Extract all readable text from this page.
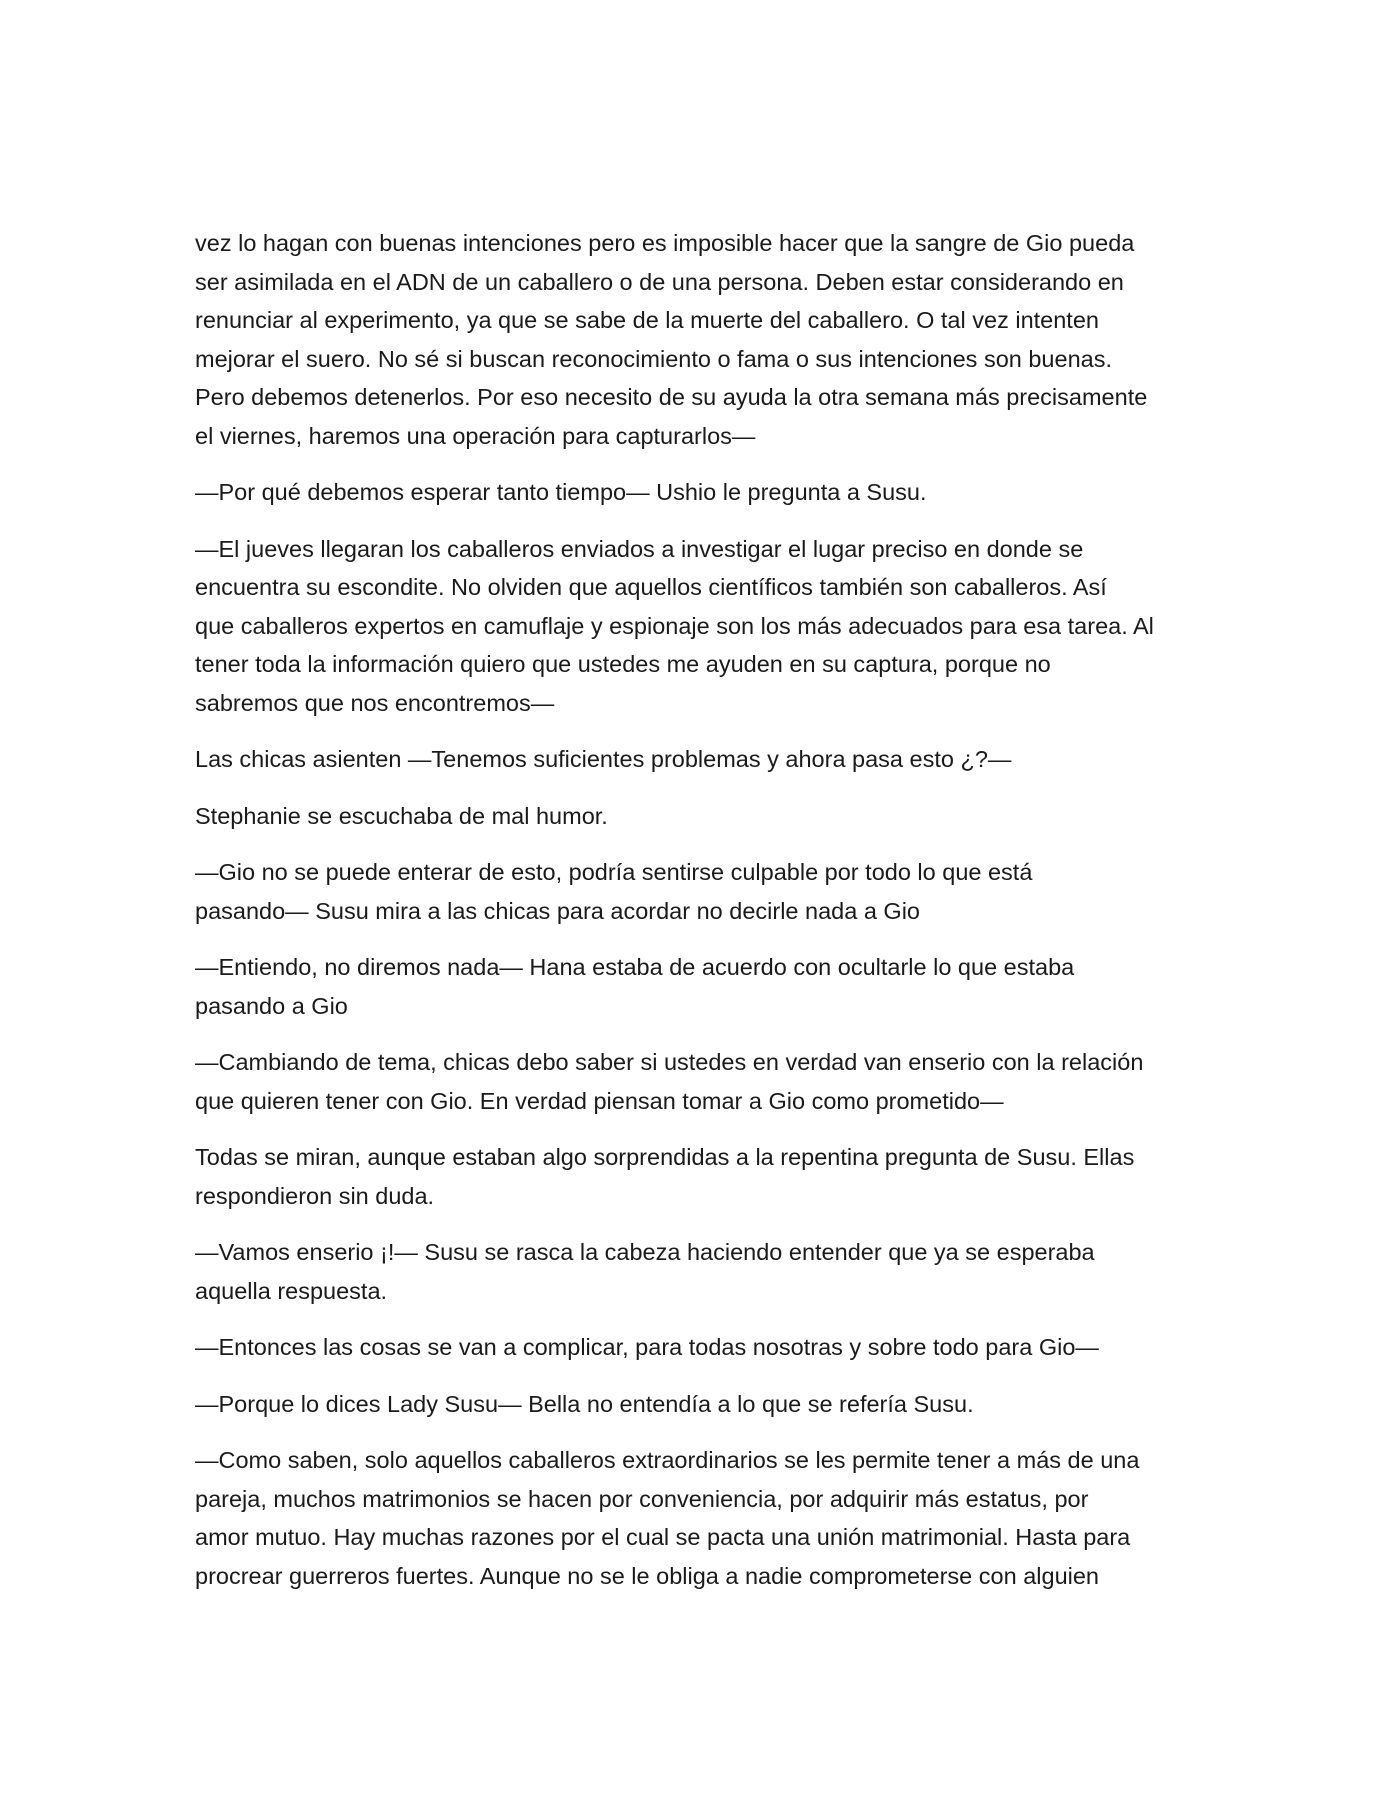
vez lo hagan con buenas intenciones pero es imposible hacer que la sangre de Gio pueda
ser asimilada en el ADN de un caballero o de una persona. Deben estar considerando en
renunciar al experimento, ya que se sabe de la muerte del caballero. O tal vez intenten
mejorar el suero. No sé si buscan reconocimiento o fama o sus intenciones son buenas.
Pero debemos detenerlos. Por eso necesito de su ayuda la otra semana más precisamente
el viernes, haremos una operación para capturarlos—

—Por qué debemos esperar tanto tiempo— Ushio le pregunta a Susu.

—El jueves llegaran los caballeros enviados a investigar el lugar preciso en donde se
encuentra su escondite. No olviden que aquellos científicos también son caballeros. Así
que caballeros expertos en camuflaje y espionaje son los más adecuados para esa tarea. Al
tener toda la información quiero que ustedes me ayuden en su captura, porque no
sabremos que nos encontremos—

Las chicas asienten —Tenemos suficientes problemas y ahora pasa esto ¿?—

Stephanie se escuchaba de mal humor.

—Gio no se puede enterar de esto, podría sentirse culpable por todo lo que está
pasando— Susu mira a las chicas para acordar no decirle nada a Gio

—Entiendo, no diremos nada— Hana estaba de acuerdo con ocultarle lo que estaba
pasando a Gio

—Cambiando de tema, chicas debo saber si ustedes en verdad van enserio con la relación
que quieren tener con Gio. En verdad piensan tomar a Gio como prometido—

Todas se miran, aunque estaban algo sorprendidas a la repentina pregunta de Susu. Ellas
respondieron sin duda.

—Vamos enserio ¡!— Susu se rasca la cabeza haciendo entender que ya se esperaba
aquella respuesta.

—Entonces las cosas se van a complicar, para todas nosotras y sobre todo para Gio—

—Porque lo dices Lady Susu— Bella no entendía a lo que se refería Susu.

—Como saben, solo aquellos caballeros extraordinarios se les permite tener a más de una
pareja, muchos matrimonios se hacen por conveniencia, por adquirir más estatus, por
amor mutuo. Hay muchas razones por el cual se pacta una unión matrimonial. Hasta para
procrear guerreros fuertes. Aunque no se le obliga a nadie comprometerse con alguien
